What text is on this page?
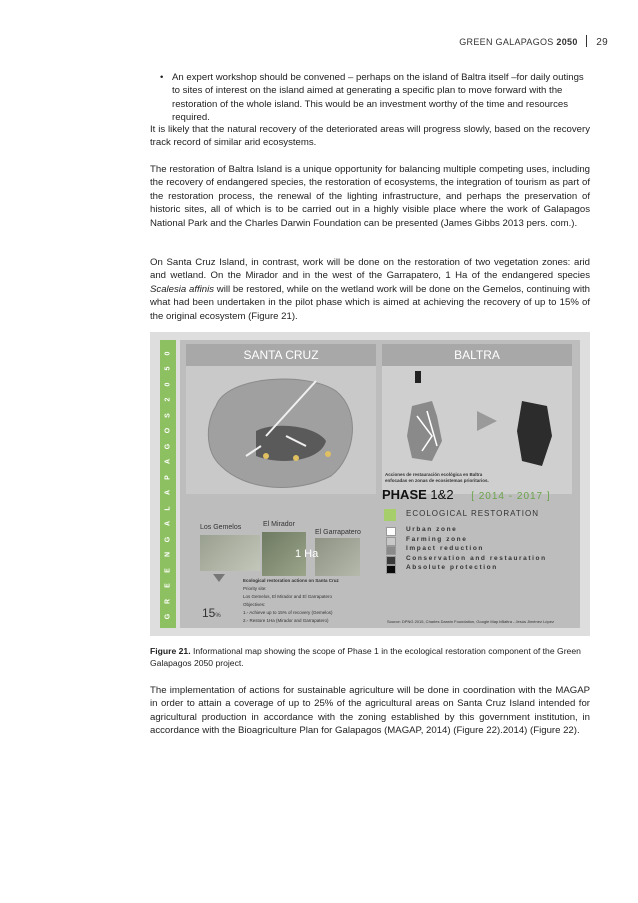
GREEN GALAPAGOS 2050 29
• An expert workshop should be convened – perhaps on the island of Baltra itself –for daily outings to sites of interest on the island aimed at generating a specific plan to move forward with the restoration of the whole island. This would be an investment worthy of the time and resources required.

It is likely that the natural recovery of the deteriorated areas will progress slowly, based on the recovery track record of similar arid ecosystems.

The restoration of Baltra Island is a unique opportunity for balancing multiple competing uses, including the recovery of endangered species, the restoration of ecosystems, the integration of tourism as part of the restoration process, the renewal of the lighting infrastructure, and perhaps the preservation of historic sites, all of which is to be carried out in a highly visible place where the work of Galapagos National Park and the Charles Darwin Foundation can be presented (James Gibbs 2013 pers. com.).

On Santa Cruz Island, in contrast, work will be done on the restoration of two vegetation zones: arid and wetland. On the Mirador and in the west of the Garrapatero, 1 Ha of the endangered species Scalesia affinis will be restored, while on the wetland work will be done on the Gemelos, continuing with what had been undertaken in the pilot phase which is aimed at achieving the recovery of up to 15% of the original ecosystem (Figure 21).

G
R
E
E
N
G
A
L
A
P
A
G
O
S
2
0
5
0	SANTA CRUZ	BALTRA
Acciones de restauración ecológica en Baltra enfocadas en zonas de ecosistemas prioritarios.
PHASE 1&2 [ 2014 - 2017 ]
ECOLOGICAL RESTORATION
Urban zone
Farming zone
Impact reduction
Conservation and restauration
Absolute protection
Los Gemelos	El Mirador
El Garrapatero
1 Ha
15%
Ecological restoration actions on Santa Cruz
Priority site:
Los Gemelos, El Mirador and El Garrapatero
Objectives:
1.- Achieve up to 15% of recovery (Gemelos)
2.- Restore 1Ha (Mirador and Garrapatero)	Source: DPNG 2015, Charles Darwin Foundation, Google Map bBaltra - Jesús Jiménez López
Figure 21. Informational map showing the scope of Phase 1 in the ecological restoration component of the Green Galapagos 2050 project.

The implementation of actions for sustainable agriculture will be done in coordination with the MAGAP in order to attain a coverage of up to 25% of the agricultural areas on Santa Cruz Island intended for agricultural production in accordance with the zoning established by this government institution, in accordance with the Bioagriculture Plan for Galapagos (MAGAP, 2014) (Figure 22).2014) (Figure 22).
